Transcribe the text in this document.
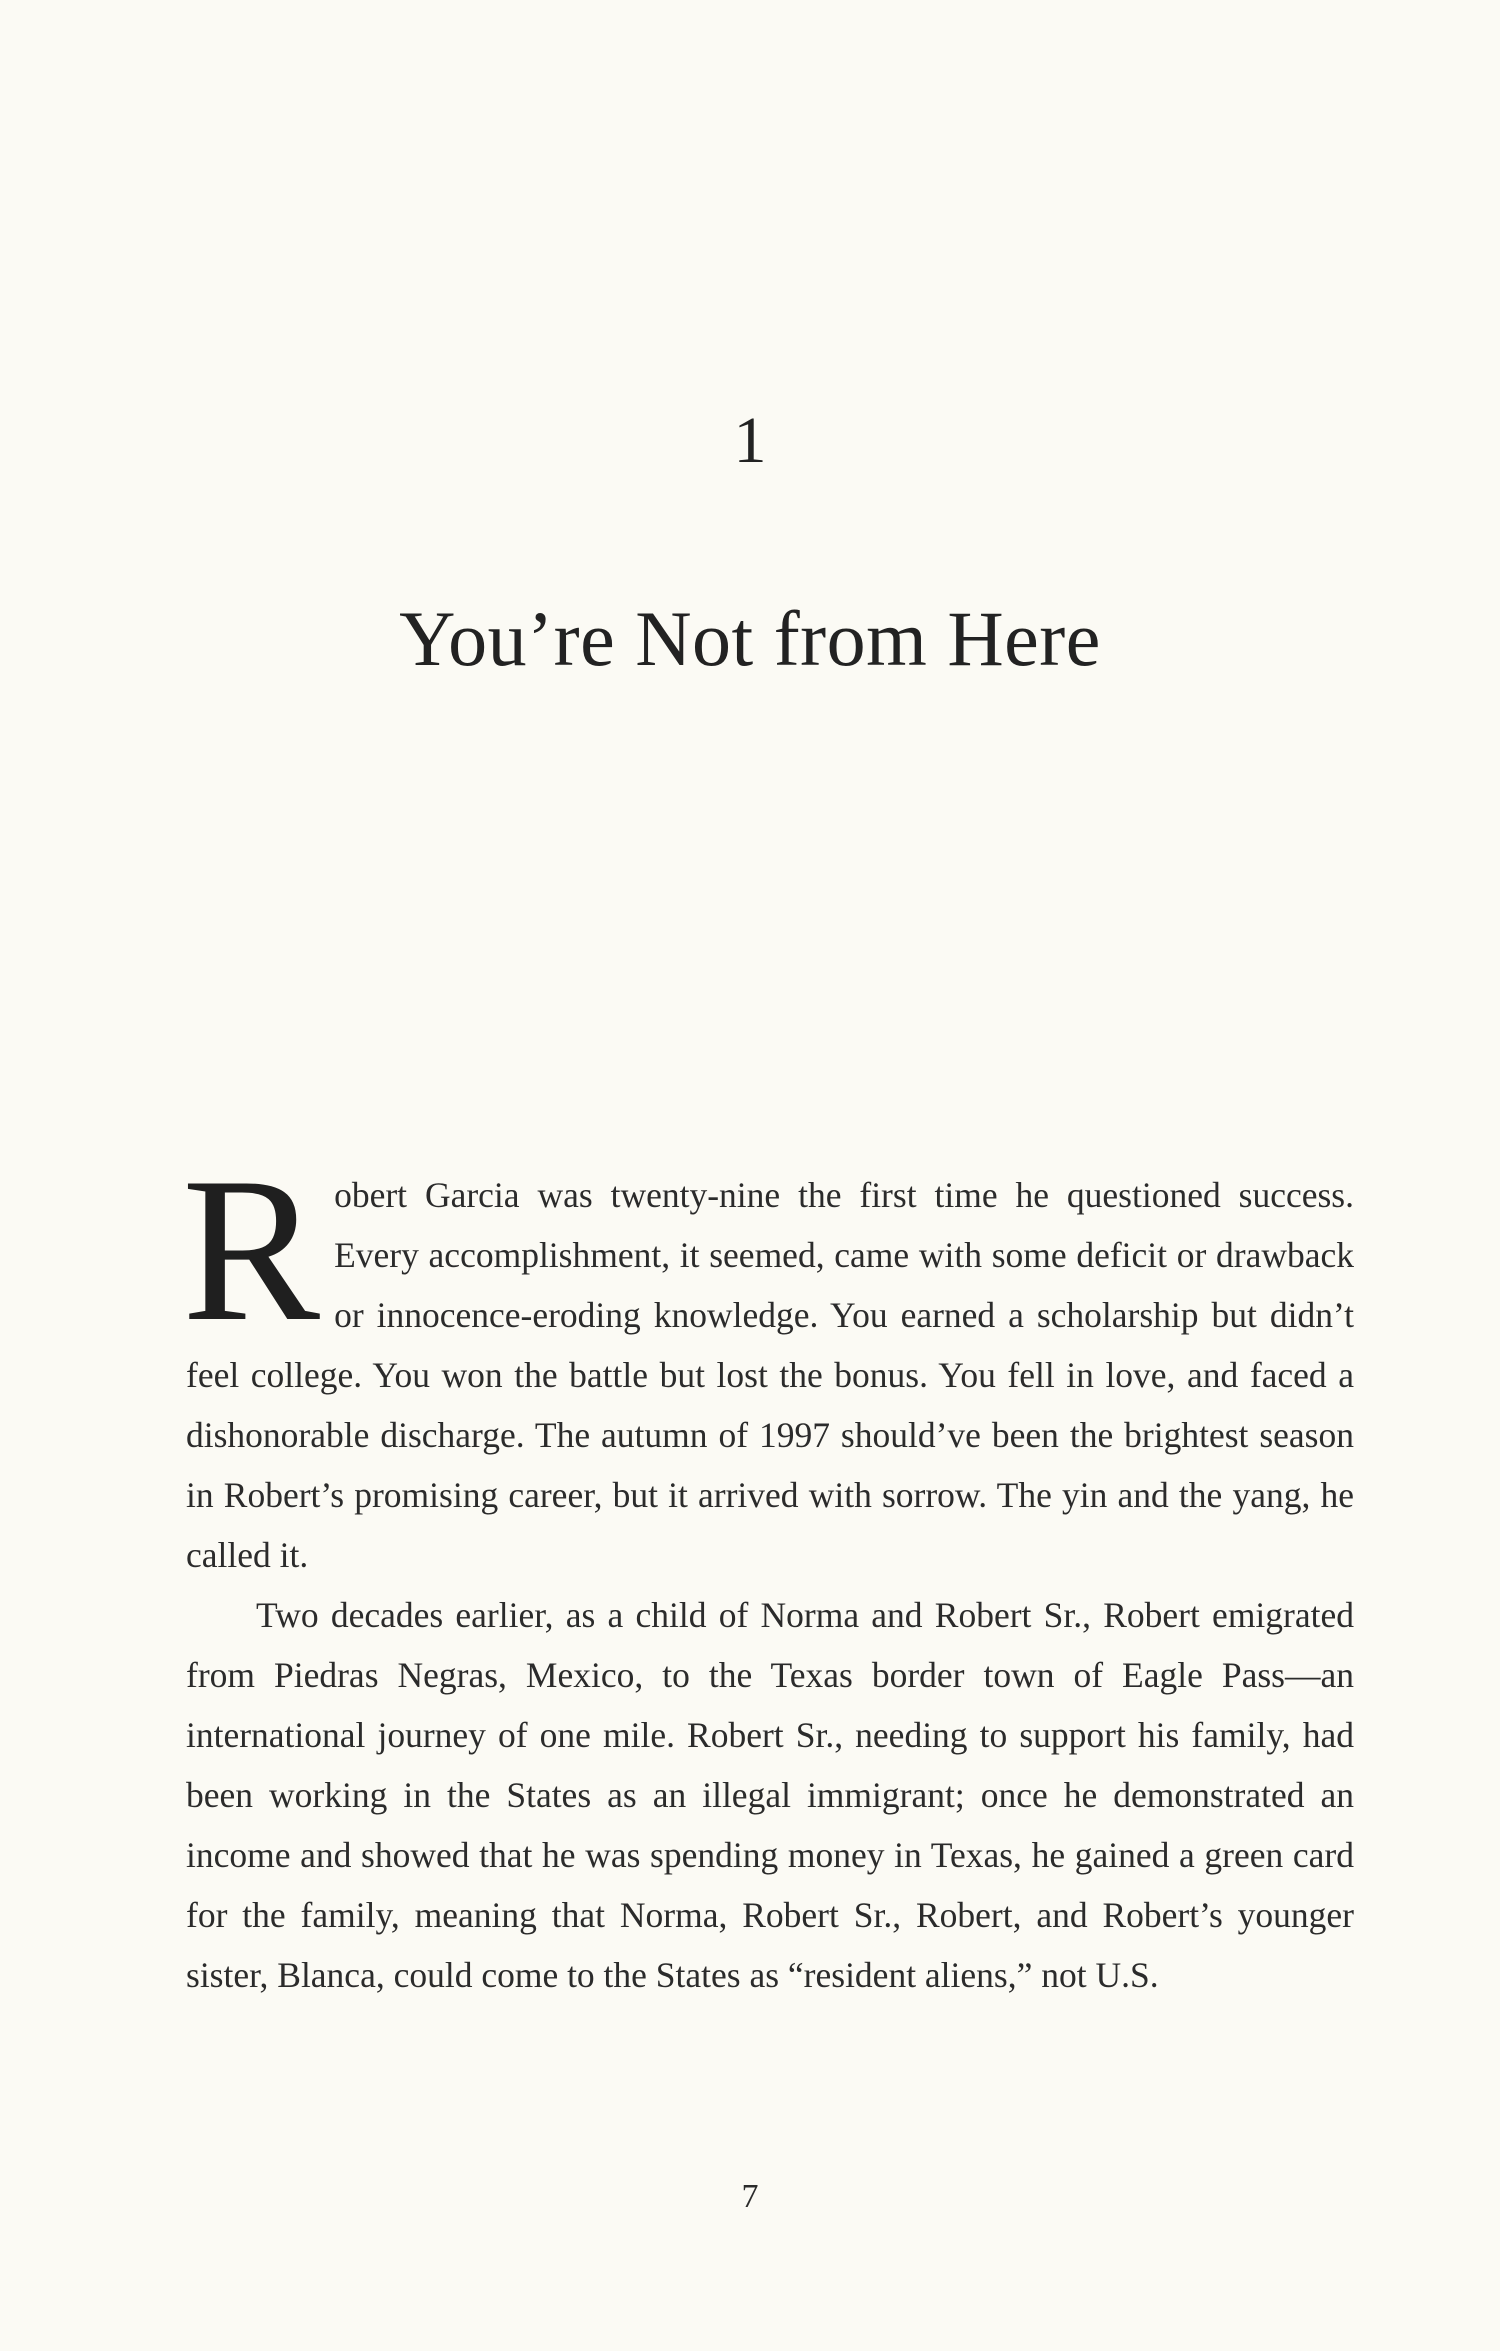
1
You’re Not from Here

Robert Garcia was twenty-nine the first time he questioned success. Every accomplishment, it seemed, came with some deficit or drawback or innocence-eroding knowledge. You earned a scholarship but didn’t feel college. You won the battle but lost the bonus. You fell in love, and faced a dishonorable discharge. The autumn of 1997 should’ve been the brightest season in Robert’s promising career, but it arrived with sorrow. The yin and the yang, he called it.

Two decades earlier, as a child of Norma and Robert Sr., Robert emigrated from Piedras Negras, Mexico, to the Texas border town of Eagle Pass—an international journey of one mile. Robert Sr., needing to support his family, had been working in the States as an illegal immigrant; once he demonstrated an income and showed that he was spending money in Texas, he gained a green card for the family, meaning that Norma, Robert Sr., Robert, and Robert’s younger sister, Blanca, could come to the States as “resident aliens,” not U.S.

7
